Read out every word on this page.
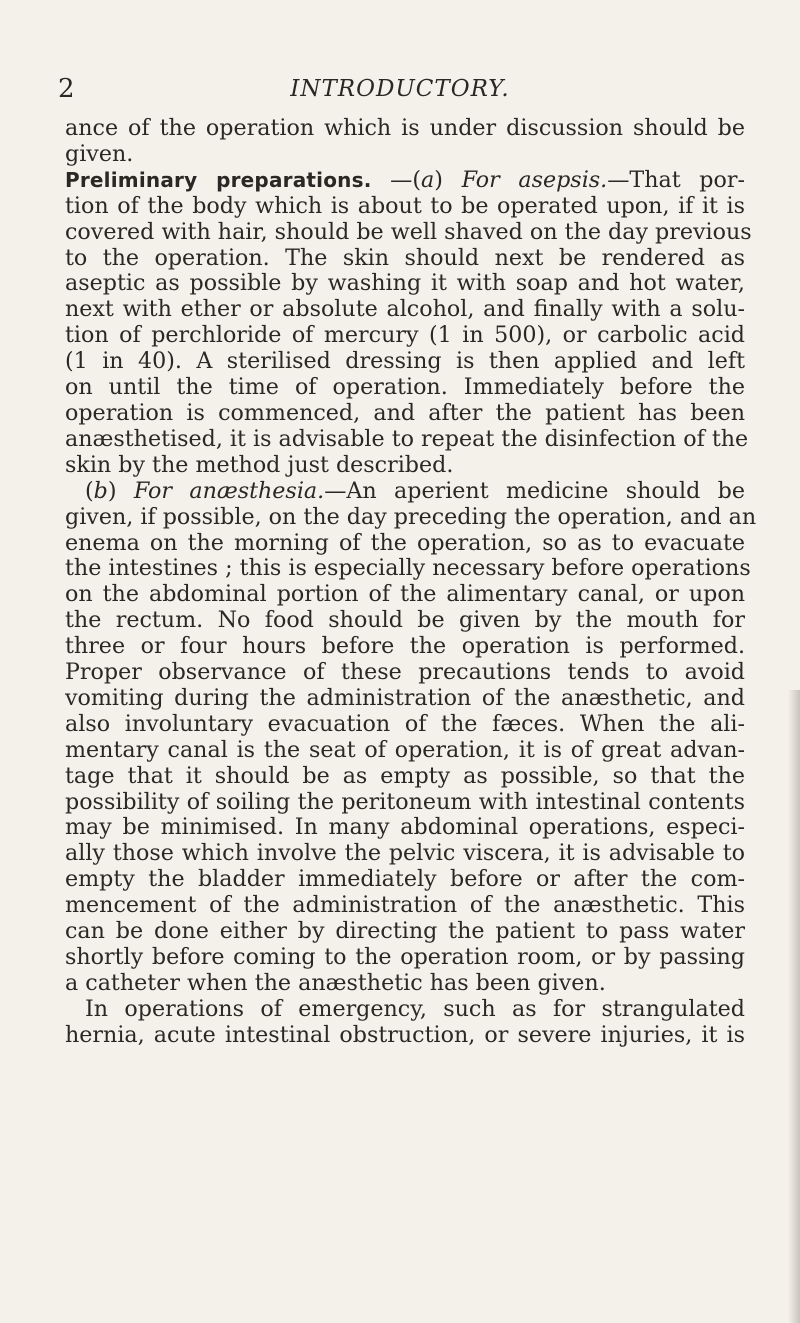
2	INTRODUCTORY.
ance of the operation which is under discussion should be
given.
Preliminary preparations. —(a) For asepsis.—That por-
tion of the body which is about to be operated upon, if it is
covered with hair, should be well shaved on the day previous
to the operation. The skin should next be rendered as
aseptic as possible by washing it with soap and hot water,
next with ether or absolute alcohol, and finally with a solu-
tion of perchloride of mercury (1 in 500), or carbolic acid
(1 in 40). A sterilised dressing is then applied and left
on until the time of operation. Immediately before the
operation is commenced, and after the patient has been
anæsthetised, it is advisable to repeat the disinfection of the
skin by the method just described.
(b) For anæsthesia.—An aperient medicine should be
given, if possible, on the day preceding the operation, and an
enema on the morning of the operation, so as to evacuate
the intestines ; this is especially necessary before operations
on the abdominal portion of the alimentary canal, or upon
the rectum. No food should be given by the mouth for
three or four hours before the operation is performed.
Proper observance of these precautions tends to avoid
vomiting during the administration of the anæsthetic, and
also involuntary evacuation of the fæces. When the ali-
mentary canal is the seat of operation, it is of great advan-
tage that it should be as empty as possible, so that the
possibility of soiling the peritoneum with intestinal contents
may be minimised. In many abdominal operations, especi-
ally those which involve the pelvic viscera, it is advisable to
empty the bladder immediately before or after the com-
mencement of the administration of the anæsthetic. This
can be done either by directing the patient to pass water
shortly before coming to the operation room, or by passing
a catheter when the anæsthetic has been given.
In operations of emergency, such as for strangulated
hernia, acute intestinal obstruction, or severe injuries, it is
